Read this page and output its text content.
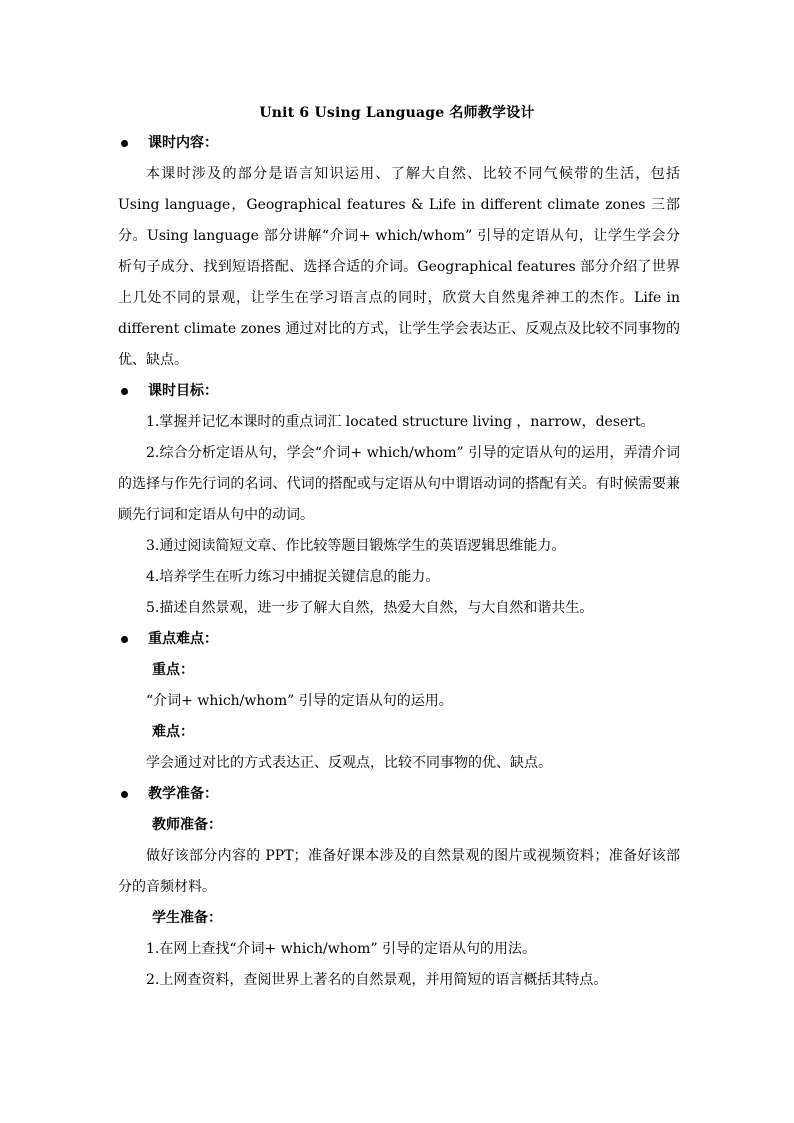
Unit 6 Using Language 名师教学设计

课时内容：

本课时涉及的部分是语言知识运用、了解大自然、比较不同气候带的生活，包括 Using language，Geographical features & Life in different climate zones 三部分。Using language 部分讲解“介词+ which/whom” 引导的定语从句，让学生学会分析句子成分、找到短语搭配、选择合适的介词。Geographical features 部分介绍了世界上几处不同的景观，让学生在学习语言点的同时，欣赏大自然鬼斧神工的杰作。Life in different climate zones 通过对比的方式，让学生学会表达正、反观点及比较不同事物的优、缺点。

课时目标：

1.掌握并记忆本课时的重点词汇 located structure living ，narrow，desert。

2.综合分析定语从句，学会“介词+ which/whom” 引导的定语从句的运用，弄清介词的选择与作先行词的名词、代词的搭配或与定语从句中谓语动词的搭配有关。有时候需要兼顾先行词和定语从句中的动词。

3.通过阅读简短文章、作比较等题目锻炼学生的英语逻辑思维能力。

4.培养学生在听力练习中捕捉关键信息的能力。

5.描述自然景观，进一步了解大自然，热爱大自然，与大自然和谐共生。

重点难点：

重点：

“介词+ which/whom” 引导的定语从句的运用。

难点：

学会通过对比的方式表达正、反观点，比较不同事物的优、缺点。

教学准备：

教师准备：

做好该部分内容的 PPT；准备好课本涉及的自然景观的图片或视频资料；准备好该部分的音频材料。

学生准备：

1.在网上查找“介词+ which/whom” 引导的定语从句的用法。

2.上网查资料，查阅世界上著名的自然景观，并用简短的语言概括其特点。
